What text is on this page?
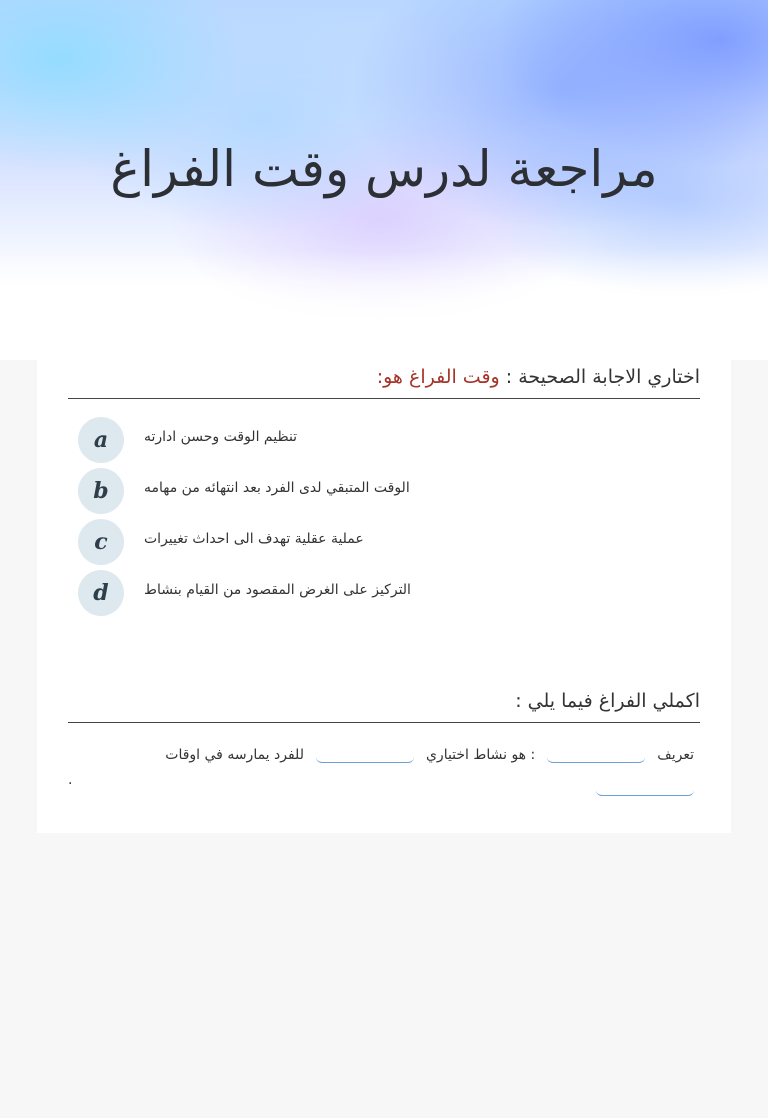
مراجعة لدرس وقت الفراغ
اختاري الاجابة الصحيحة : وقت الفراغ هو:
a	تنظيم الوقت وحسن ادارته
b	الوقت المتبقي لدى الفرد بعد انتهائه من مهامه
c	عملية عقلية تهدف الى احداث تغييرات
d	التركيز على الغرض المقصود من القيام بنشاط
اكملي الفراغ فيما يلي :
تعريف
: هو نشاط اختياري
للفرد يمارسه في اوقات
.
